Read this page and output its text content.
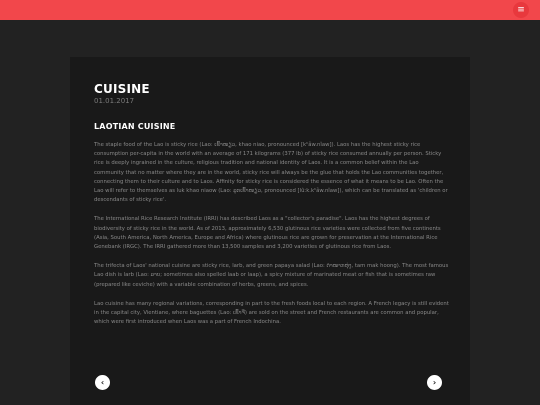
≡
CUISINE
01.01.2017
LAOTIAN CUISINE

The staple food of the Lao is sticky rice (Lao: ເຂົ້າໜຽວ, khao niao, pronounced [kʰȁw.nǐaw]). Laos has the highest sticky rice consumption per-capita in the world with an average of 171 kilograms (377 lb) of sticky rice consumed annually per person. Sticky rice is deeply ingrained in the culture, religious tradition and national identity of Laos. It is a common belief within the Lao community that no matter where they are in the world, sticky rice will always be the glue that holds the Lao communities together, connecting them to their culture and to Laos. Affinity for sticky rice is considered the essence of what it means to be Lao. Often the Lao will refer to themselves as luk khao niaow (Lao: ລູກເຂົ້າໜຽວ, pronounced [lûːk.kʰȁw.nǐaw]), which can be translated as 'children or descendants of sticky rice'.

The International Rice Research Institute (IRRI) has described Laos as a "collector's paradise". Laos has the highest degrees of biodiversity of sticky rice in the world. As of 2013, approximately 6,530 glutinous rice varieties were collected from five continents (Asia, South America, North America, Europe and Africa) where glutinous rice are grown for preservation at the International Rice Genebank (IRGC). The IRRI gathered more than 13,500 samples and 3,200 varieties of glutinous rice from Laos.

The trifecta of Laos' national cuisine are sticky rice, larb, and green papaya salad (Lao: ຕໍາໝາກຫຸ່ງ, tam mak hoong). The most famous Lao dish is larb (Lao: ລາບ; sometimes also spelled laab or laap), a spicy mixture of marinated meat or fish that is sometimes raw (prepared like ceviche) with a variable combination of herbs, greens, and spices.

Lao cuisine has many regional variations, corresponding in part to the fresh foods local to each region. A French legacy is still evident in the capital city, Vientiane, where baguettes (Lao: ເຂົ້າຈີ່) are sold on the street and French restaurants are common and popular, which were first introduced when Laos was a part of French Indochina.

‹	›
